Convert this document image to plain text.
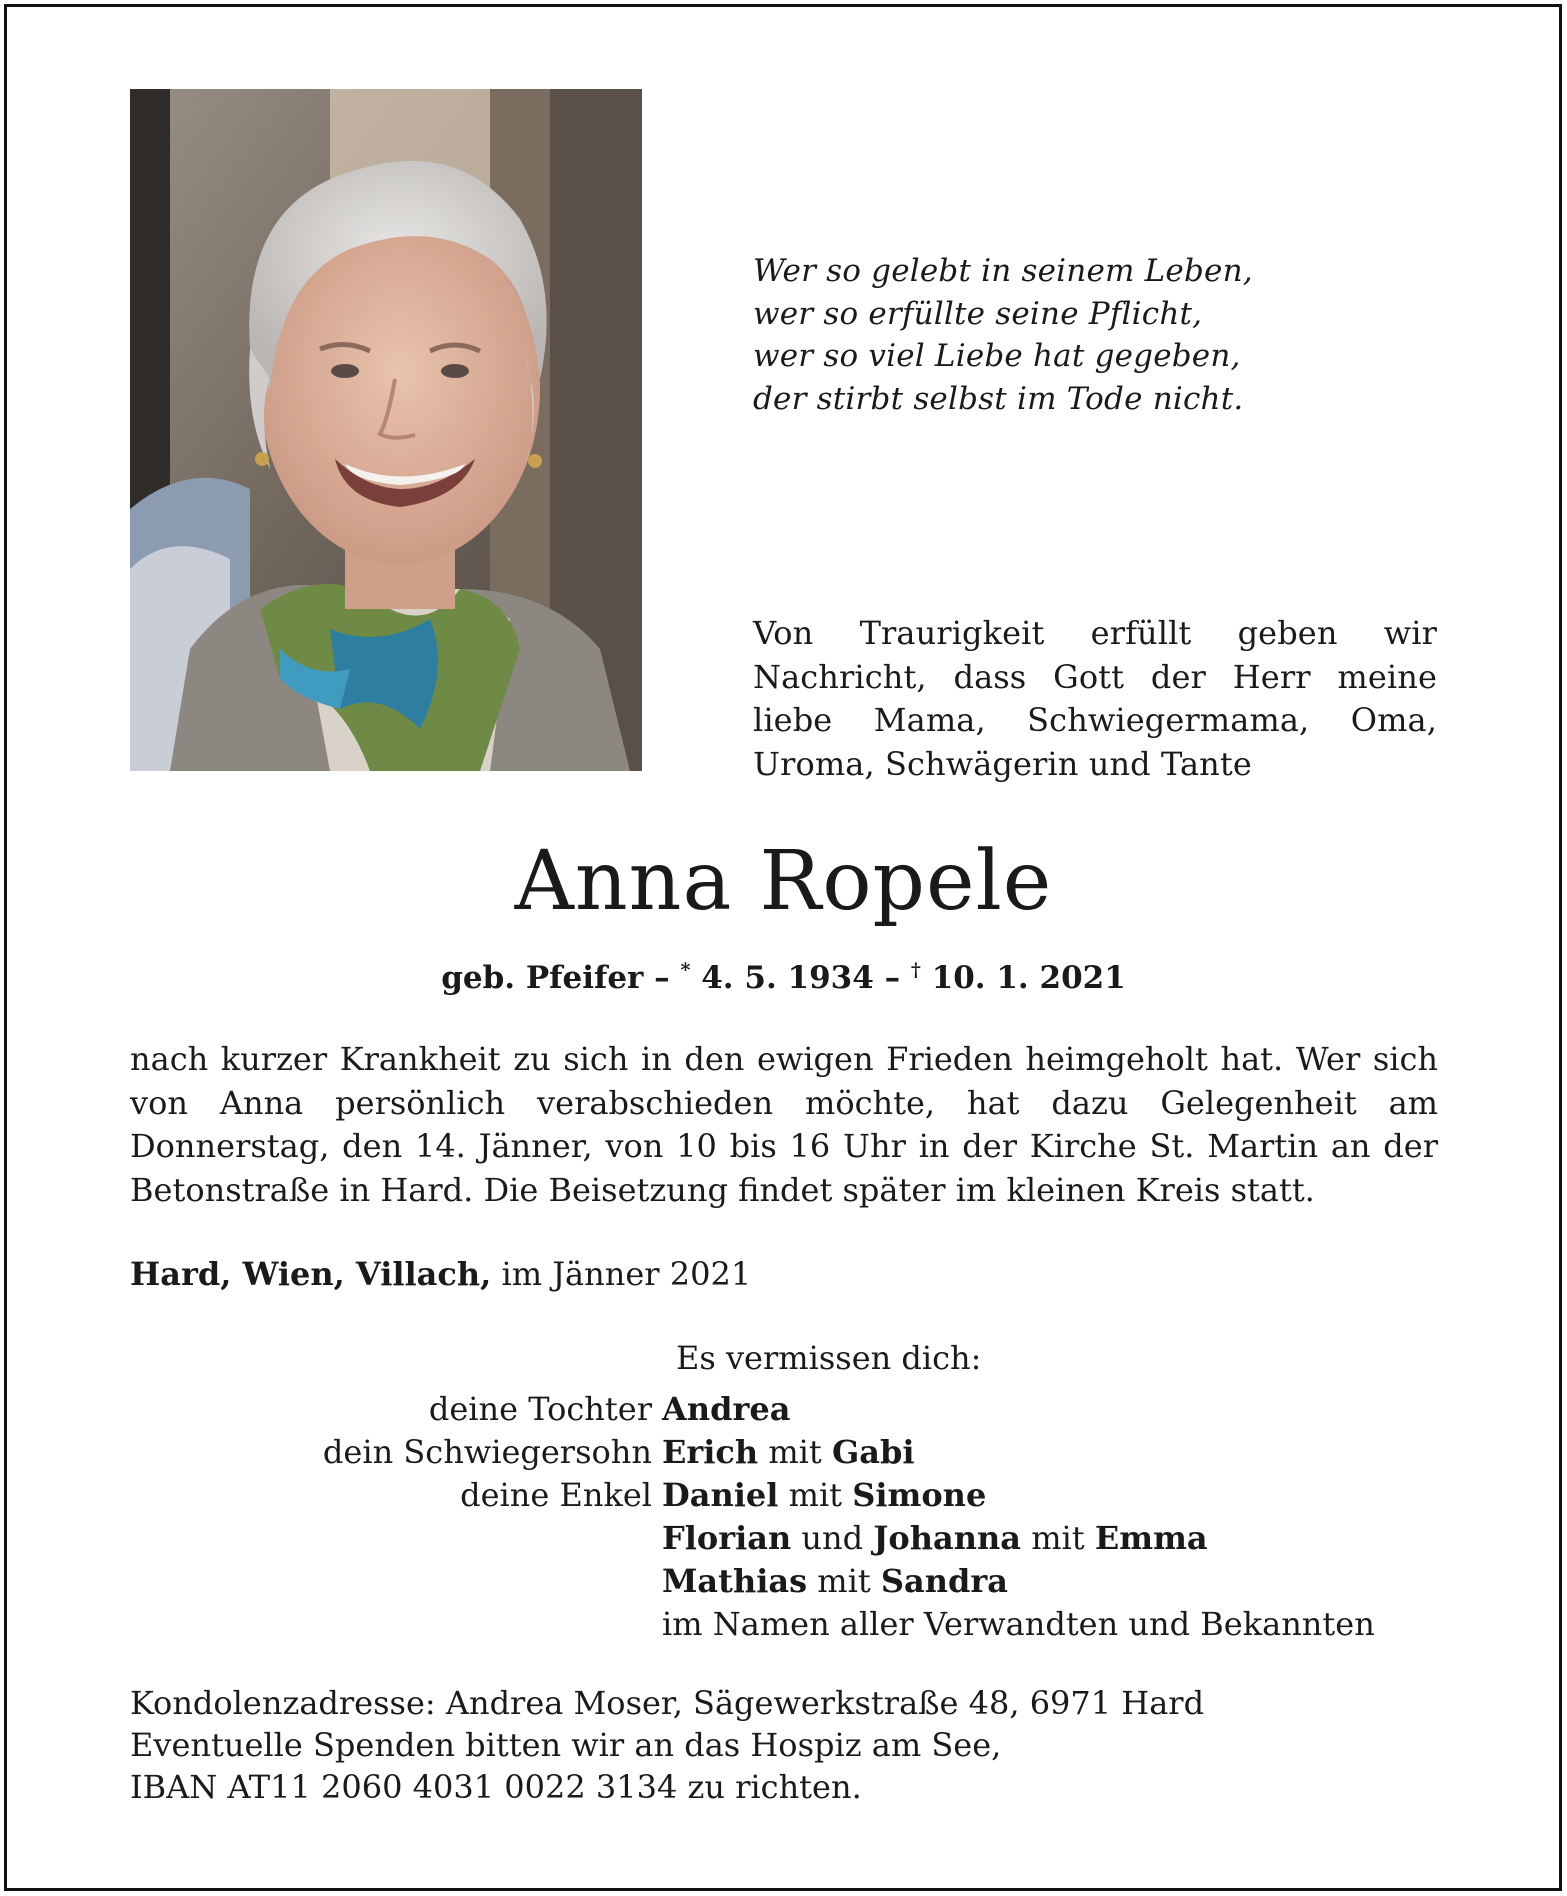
Wer so gelebt in seinem Leben,
wer so erfüllte seine Pflicht,
wer so viel Liebe hat gegeben,
der stirbt selbst im Tode nicht.
Von Traurigkeit erfüllt geben wir Nachricht, dass Gott der Herr meine liebe Mama, Schwiegermama, Oma, Uroma, Schwägerin und Tante
Anna Ropele
geb. Pfeifer – * 4. 5. 1934 – † 10. 1. 2021
nach kurzer Krankheit zu sich in den ewigen Frieden heimgeholt hat. Wer sich von Anna persönlich verabschieden möchte, hat dazu Gelegenheit am Donnerstag, den 14. Jänner, von 10 bis 16 Uhr in der Kirche St. Martin an der Betonstraße in Hard. Die Beisetzung findet später im kleinen Kreis statt.
Hard, Wien, Villach, im Jänner 2021
Es vermissen dich:
deine Tochter Andrea
dein Schwiegersohn Erich mit Gabi
deine Enkel Daniel mit Simone
Florian und Johanna mit Emma
Mathias mit Sandra
im Namen aller Verwandten und Bekannten
Kondolenzadresse: Andrea Moser, Sägewerkstraße 48, 6971 Hard
Eventuelle Spenden bitten wir an das Hospiz am See,
IBAN AT11 2060 4031 0022 3134 zu richten.
